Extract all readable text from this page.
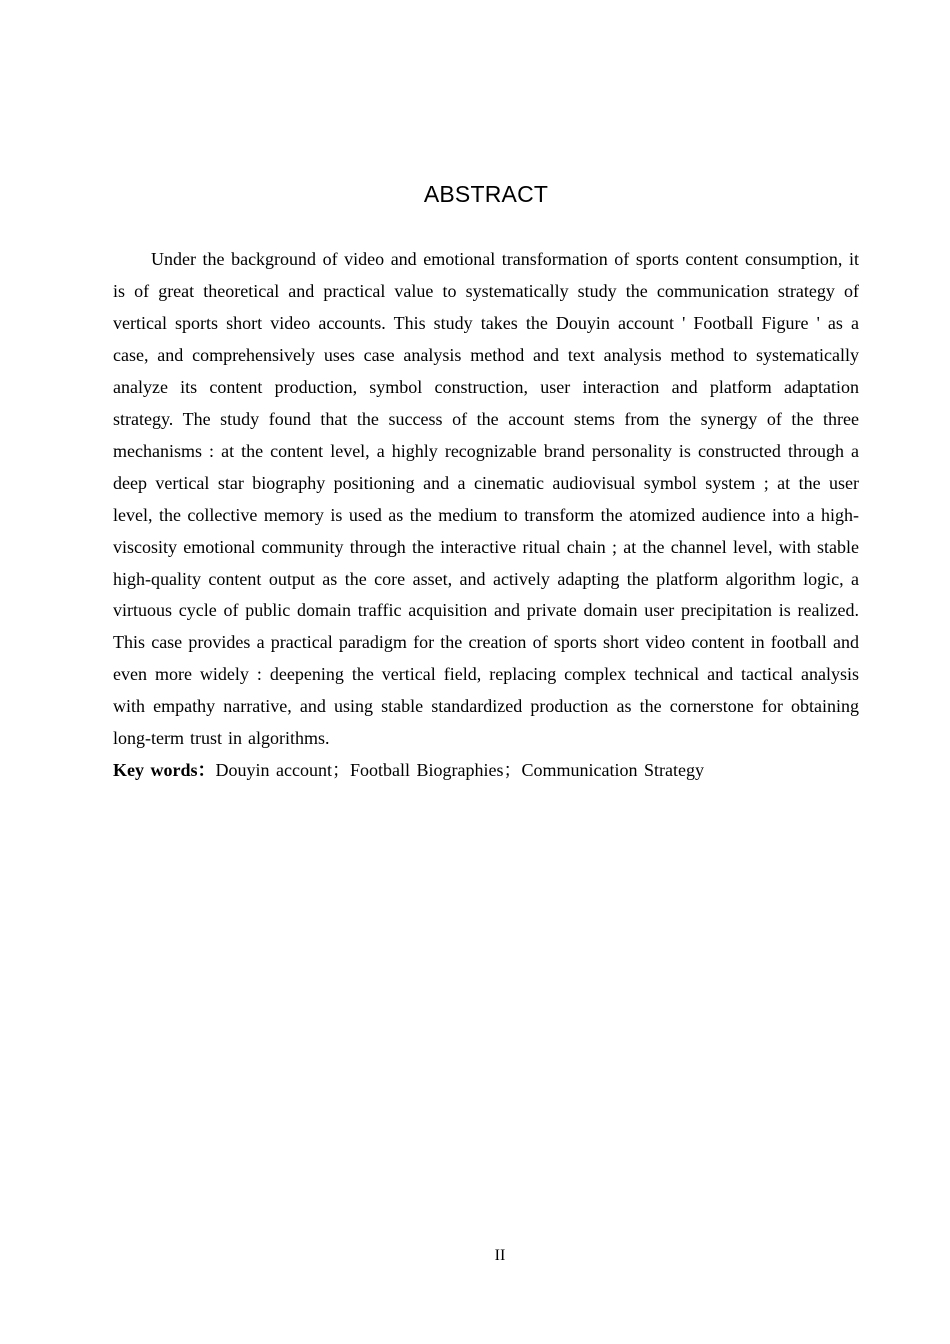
ABSTRACT

Under the background of video and emotional transformation of sports content consumption, it is of great theoretical and practical value to systematically study the communication strategy of vertical sports short video accounts. This study takes the Douyin account ' Football Figure ' as a case, and comprehensively uses case analysis method and text analysis method to systematically analyze its content production, symbol construction, user interaction and platform adaptation strategy. The study found that the success of the account stems from the synergy of the three mechanisms : at the content level, a highly recognizable brand personality is constructed through a deep vertical star biography positioning and a cinematic audiovisual symbol system ; at the user level, the collective memory is used as the medium to transform the atomized audience into a high-viscosity emotional community through the interactive ritual chain ; at the channel level, with stable high-quality content output as the core asset, and actively adapting the platform algorithm logic, a virtuous cycle of public domain traffic acquisition and private domain user precipitation is realized. This case provides a practical paradigm for the creation of sports short video content in football and even more widely : deepening the vertical field, replacing complex technical and tactical analysis with empathy narrative, and using stable standardized production as the cornerstone for obtaining long-term trust in algorithms.

Key words：Douyin account；Football Biographies；Communication Strategy

II
